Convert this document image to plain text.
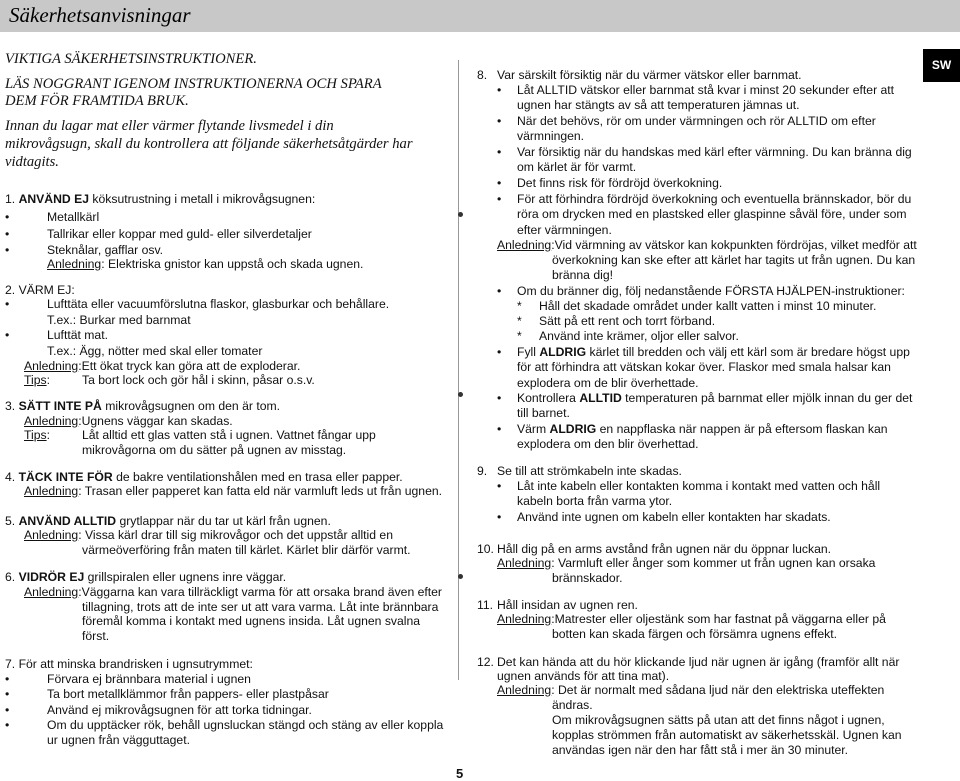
Säkerhetsanvisningar
SW
VIKTIGA SÄKERHETSINSTRUKTIONER.
LÄS NOGGRANT IGENOM INSTRUKTIONERNA OCH SPARA
DEM FÖR FRAMTIDA BRUK.
Innan du lagar mat eller värmer flytande livsmedel i din
mikrovågsugn, skall du kontrollera att följande säkerhetsåtgärder har
vidtagits.
1. ANVÄND EJ köksutrustning i metall i mikrovågsugnen:
•	Metallkärl
•	Tallrikar eller koppar med guld- eller silverdetaljer
•	Steknålar, gafflar osv.
Anledning: Elektriska gnistor kan uppstå och skada ugnen.
2. VÄRM EJ:
•	Lufttäta eller vacuumförslutna flaskor, glasburkar och behållare.
T.ex.: Burkar med barnmat
•	Lufttät mat.
T.ex.: Ägg, nötter med skal eller tomater
Anledning:Ett ökat tryck kan göra att de exploderar.
Tips:	Ta bort lock och gör hål i skinn, påsar o.s.v.
3. SÄTT INTE PÅ mikrovågsugnen om den är tom.
Anledning:Ugnens väggar kan skadas.
Tips:	Låt alltid ett glas vatten stå i ugnen. Vattnet fångar upp
mikrovågorna om du sätter på ugnen av misstag.
4. TÄCK INTE FÖR de bakre ventilationshålen med en trasa eller papper.
Anledning: Trasan eller papperet kan fatta eld när varmluft leds ut från ugnen.
5. ANVÄND ALLTID grytlappar när du tar ut kärl från ugnen.
Anledning: Vissa kärl drar till sig mikrovågor och det uppstår alltid en
värmeöverföring från maten till kärlet. Kärlet blir därför varmt.
6. VIDRÖR EJ grillspiralen eller ugnens inre väggar.
Anledning:Väggarna kan vara tillräckligt varma för att orsaka brand även efter
tillagning, trots att de inte ser ut att vara varma. Låt inte brännbara
föremål komma i kontakt med ugnens insida. Låt ugnen svalna
först.
7. För att minska brandrisken i ugnsutrymmet:
•	Förvara ej brännbara material i ugnen
•	Ta bort metallklämmor från pappers- eller plastpåsar
•	Använd ej mikrovågsugnen för att torka tidningar.
•	Om du upptäcker rök, behåll ugnsluckan stängd och stäng av eller koppla
ur ugnen från vägguttaget.
8. Var särskilt försiktig när du värmer vätskor eller barnmat.
• Låt ALLTID vätskor eller barnmat stå kvar i minst 20 sekunder efter att
ugnen har stängts av så att temperaturen jämnas ut.
• När det behövs, rör om under värmningen och rör ALLTID om efter
värmningen.
• Var försiktig när du handskas med kärl efter värmning. Du kan bränna dig
om kärlet är för varmt.
• Det finns risk för fördröjd överkokning.
• För att förhindra fördröjd överkokning och eventuella brännskador, bör du
röra om drycken med en plastsked eller glaspinne såväl före, under som
efter värmningen.
Anledning:Vid värmning av vätskor kan kokpunkten fördröjas, vilket medför att
överkokning kan ske efter att kärlet har tagits ut från ugnen. Du kan
bränna dig!
• Om du bränner dig, följ nedanstående FÖRSTA HJÄLPEN-instruktioner:
* Håll det skadade området under kallt vatten i minst 10 minuter.
* Sätt på ett rent och torrt förband.
* Använd inte krämer, oljor eller salvor.
• Fyll ALDRIG kärlet till bredden och välj ett kärl som är bredare högst upp
för att förhindra att vätskan kokar över. Flaskor med smala halsar kan
explodera om de blir överhettade.
• Kontrollera ALLTID temperaturen på barnmat eller mjölk innan du ger det
till barnet.
• Värm ALDRIG en nappflaska när nappen är på eftersom flaskan kan
explodera om den blir överhettad.
9. Se till att strömkabeln inte skadas.
• Låt inte kabeln eller kontakten komma i kontakt med vatten och håll
kabeln borta från varma ytor.
• Använd inte ugnen om kabeln eller kontakten har skadats.
10. Håll dig på en arms avstånd från ugnen när du öppnar luckan.
Anledning: Varmluft eller ånger som kommer ut från ugnen kan orsaka
brännskador.
11. Håll insidan av ugnen ren.
Anledning:Matrester eller oljestänk som har fastnat på väggarna eller på
botten kan skada färgen och försämra ugnens effekt.
12. Det kan hända att du hör klickande ljud när ugnen är igång (framför allt när
ugnen används för att tina mat).
Anledning: Det är normalt med sådana ljud när den elektriska uteffekten
ändras.
Om mikrovågsugnen sätts på utan att det finns något i ugnen,
kopplas strömmen från automatiskt av säkerhetsskäl. Ugnen kan
användas igen när den har fått stå i mer än 30 minuter.
5
